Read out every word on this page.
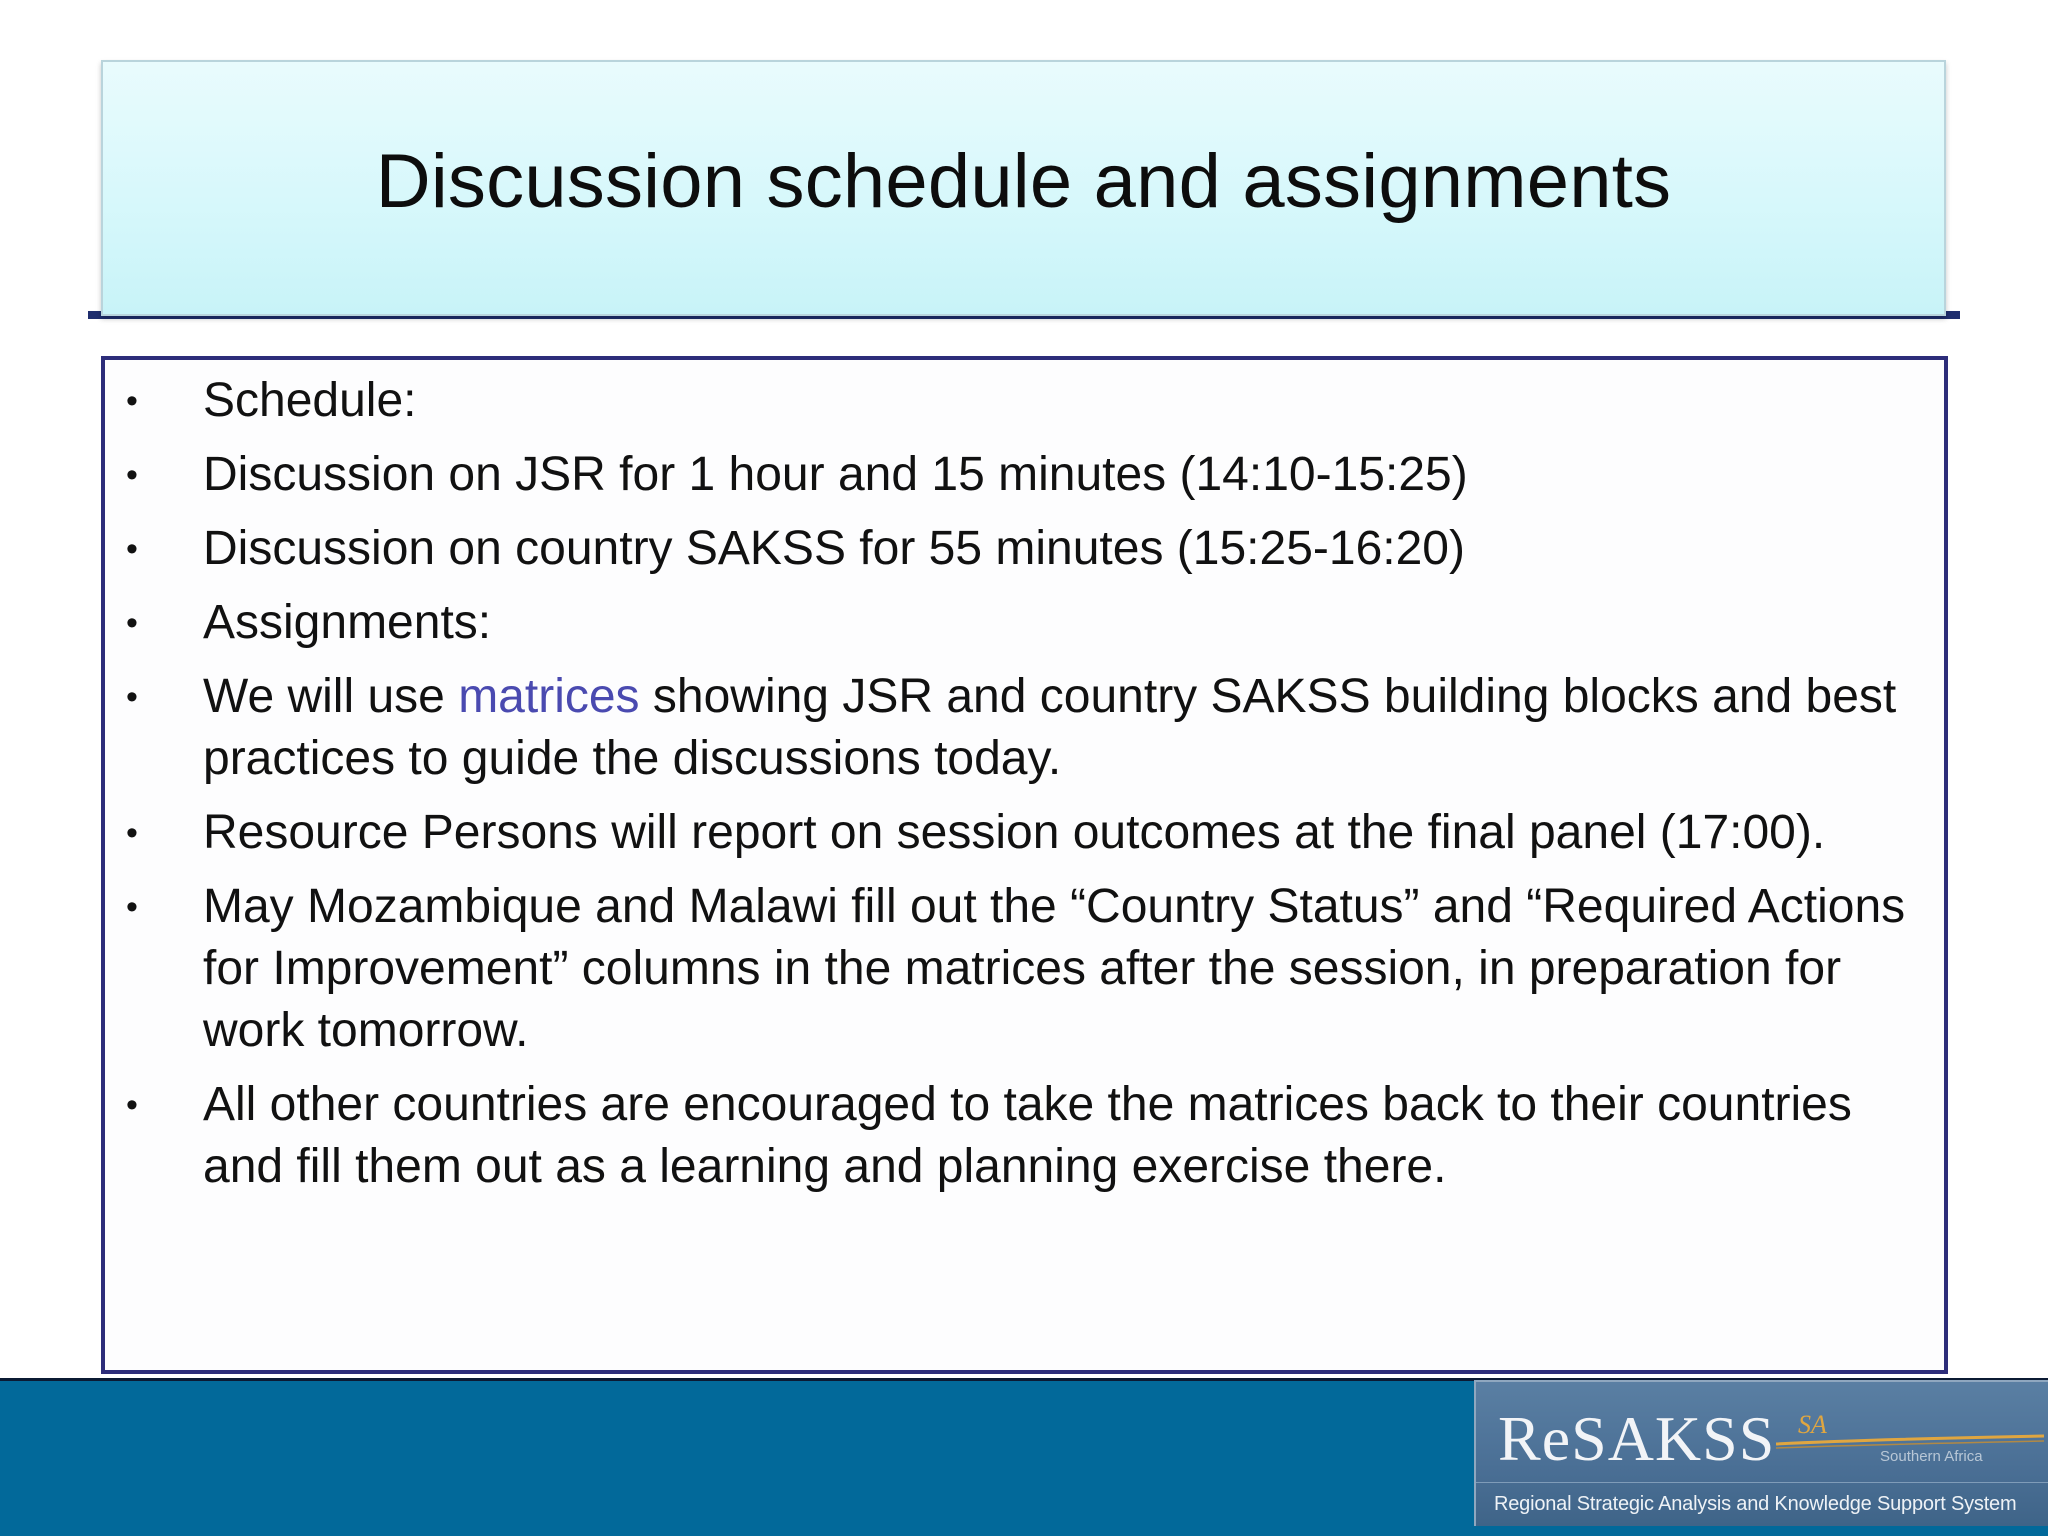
Discussion schedule and assignments
•	Schedule:
•	Discussion on JSR for 1 hour and 15 minutes (14:10-15:25)
•	Discussion on country SAKSS for 55 minutes (15:25-16:20)
•	Assignments:
•	We will use matrices showing JSR and country SAKSS building blocks and best practices to guide the discussions today.
•	Resource Persons will report on session outcomes at the final panel (17:00).
•	May Mozambique and Malawi fill out the “Country Status” and “Required Actions for Improvement” columns in the matrices after the session, in preparation for work tomorrow.
•	All other countries are encouraged to take the matrices back to their countries and fill them out as a learning and planning exercise there.
ReSAKSS SA
Southern Africa
Regional Strategic Analysis and Knowledge Support System
